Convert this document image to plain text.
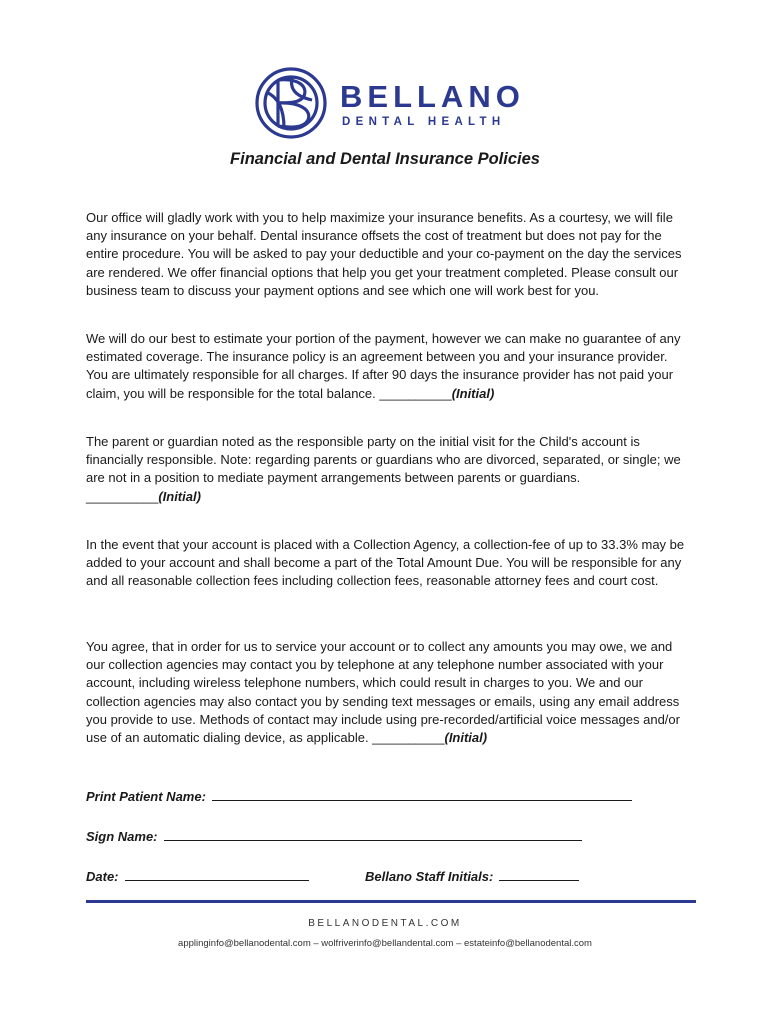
BELLANO
DENTAL HEALTH
Financial and Dental Insurance Policies

Our office will gladly work with you to help maximize your insurance benefits. As a courtesy, we will file any insurance on your behalf. Dental insurance offsets the cost of treatment but does not pay for the entire procedure. You will be asked to pay your deductible and your co-payment on the day the services are rendered. We offer financial options that help you get your treatment completed. Please consult our business team to discuss your payment options and see which one will work best for you.

We will do our best to estimate your portion of the payment, however we can make no guarantee of any estimated coverage. The insurance policy is an agreement between you and your insurance provider. You are ultimately responsible for all charges. If after 90 days the insurance provider has not paid your claim, you will be responsible for the total balance. __________(Initial)

The parent or guardian noted as the responsible party on the initial visit for the Child's account is financially responsible. Note: regarding parents or guardians who are divorced, separated, or single; we are not in a position to mediate payment arrangements between parents or guardians. __________(Initial)

In the event that your account is placed with a Collection Agency, a collection-fee of up to 33.3% may be added to your account and shall become a part of the Total Amount Due. You will be responsible for any and all reasonable collection fees including collection fees, reasonable attorney fees and court cost.

You agree, that in order for us to service your account or to collect any amounts you may owe, we and our collection agencies may contact you by telephone at any telephone number associated with your account, including wireless telephone numbers, which could result in charges to you. We and our collection agencies may also contact you by sending text messages or emails, using any email address you provide to use. Methods of contact may include using pre-recorded/artificial voice messages and/or use of an automatic dialing device, as applicable. __________(Initial)

Print Patient Name:
Sign Name:
Date:	Bellano Staff Initials:
BELLANODENTAL.COM
applinginfo@bellanodental.com – wolfriverinfo@bellandental.com – estateinfo@bellanodental.com
